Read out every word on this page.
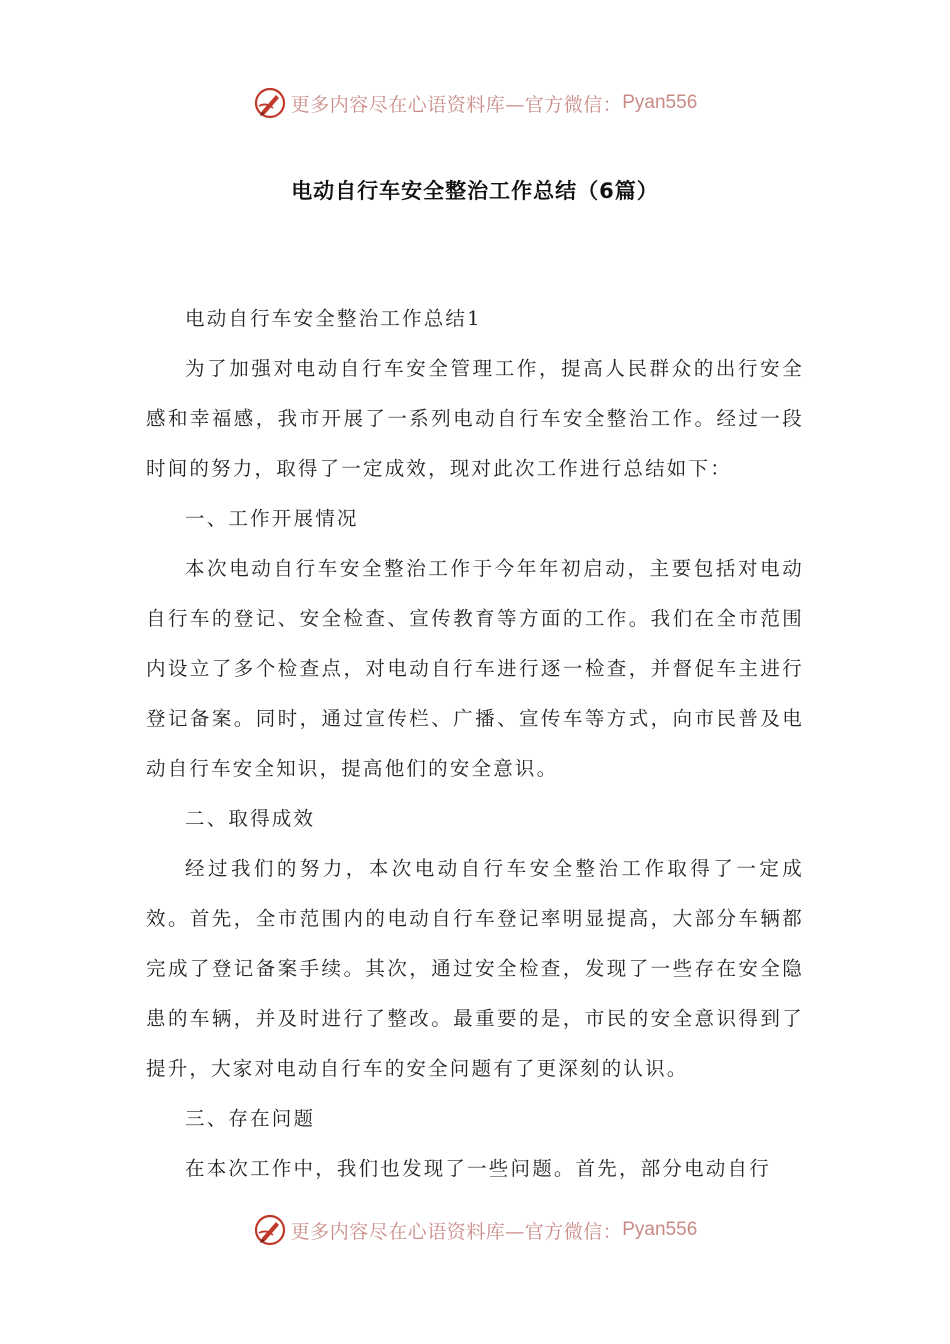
更多内容尽在心语资料库—官方微信： Pyan556
电动自行车安全整治工作总结（6篇）

电动自行车安全整治工作总结1

为了加强对电动自行车安全管理工作，提高人民群众的出行安全感和幸福感，我市开展了一系列电动自行车安全整治工作。经过一段时间的努力，取得了一定成效，现对此次工作进行总结如下：

一、工作开展情况

本次电动自行车安全整治工作于今年年初启动，主要包括对电动自行车的登记、安全检查、宣传教育等方面的工作。我们在全市范围内设立了多个检查点，对电动自行车进行逐一检查，并督促车主进行登记备案。同时，通过宣传栏、广播、宣传车等方式，向市民普及电动自行车安全知识，提高他们的安全意识。

二、取得成效

经过我们的努力，本次电动自行车安全整治工作取得了一定成效。首先，全市范围内的电动自行车登记率明显提高，大部分车辆都完成了登记备案手续。其次，通过安全检查，发现了一些存在安全隐患的车辆，并及时进行了整改。最重要的是，市民的安全意识得到了提升，大家对电动自行车的安全问题有了更深刻的认识。

三、存在问题

在本次工作中，我们也发现了一些问题。首先，部分电动自行

更多内容尽在心语资料库—官方微信： Pyan556
